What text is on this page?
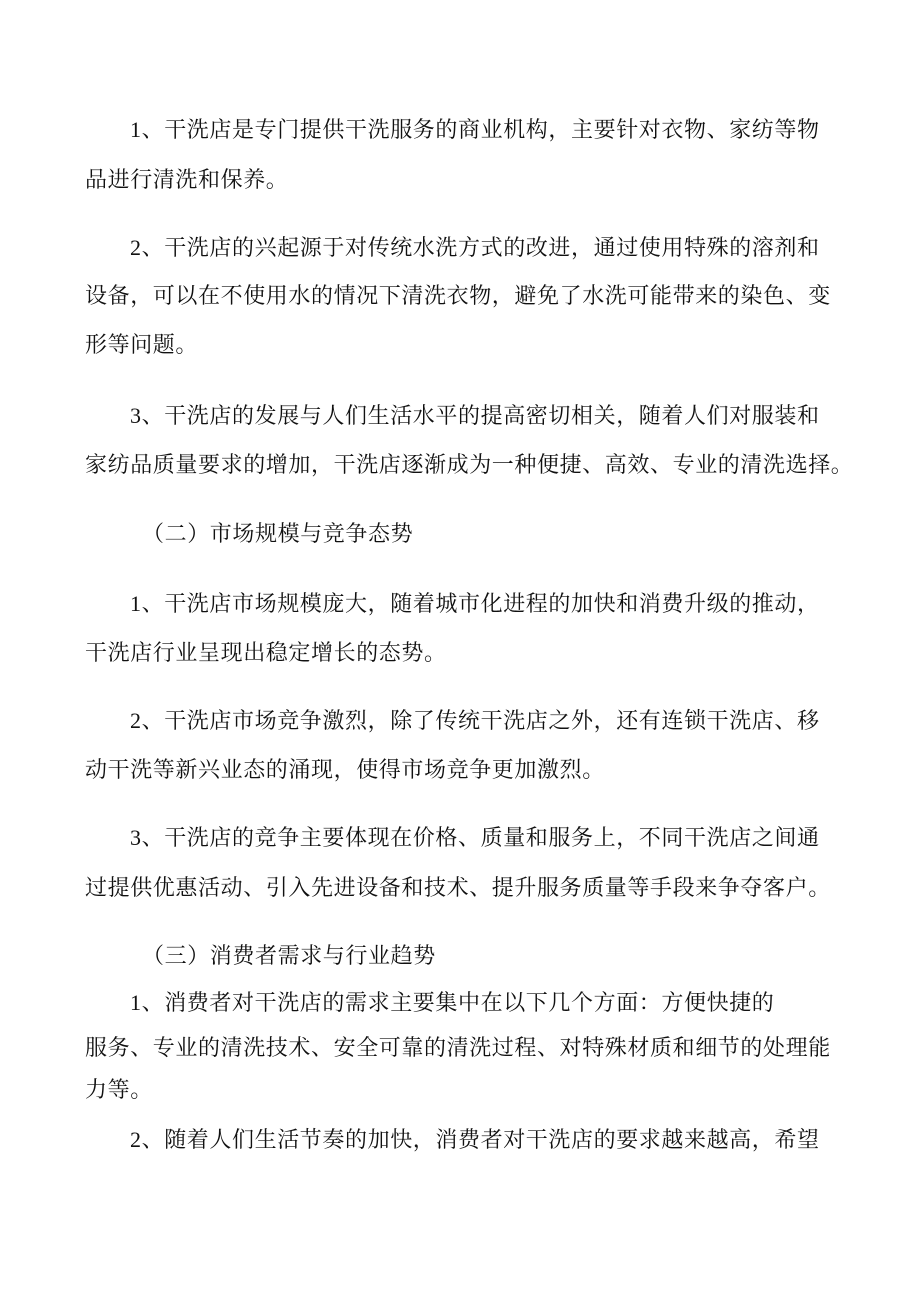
1、干洗店是专门提供干洗服务的商业机构，主要针对衣物、家纺等物
品进行清洗和保养。
2、干洗店的兴起源于对传统水洗方式的改进，通过使用特殊的溶剂和
设备，可以在不使用水的情况下清洗衣物，避免了水洗可能带来的染色、变
形等问题。
3、干洗店的发展与人们生活水平的提高密切相关，随着人们对服装和
家纺品质量要求的增加，干洗店逐渐成为一种便捷、高效、专业的清洗选择。
（二）市场规模与竞争态势
1、干洗店市场规模庞大，随着城市化进程的加快和消费升级的推动，
干洗店行业呈现出稳定增长的态势。
2、干洗店市场竞争激烈，除了传统干洗店之外，还有连锁干洗店、移
动干洗等新兴业态的涌现，使得市场竞争更加激烈。
3、干洗店的竞争主要体现在价格、质量和服务上，不同干洗店之间通
过提供优惠活动、引入先进设备和技术、提升服务质量等手段来争夺客户。
（三）消费者需求与行业趋势
1、消费者对干洗店的需求主要集中在以下几个方面：方便快捷的
服务、专业的清洗技术、安全可靠的清洗过程、对特殊材质和细节的处理能
力等。
2、随着人们生活节奏的加快，消费者对干洗店的要求越来越高，希望
